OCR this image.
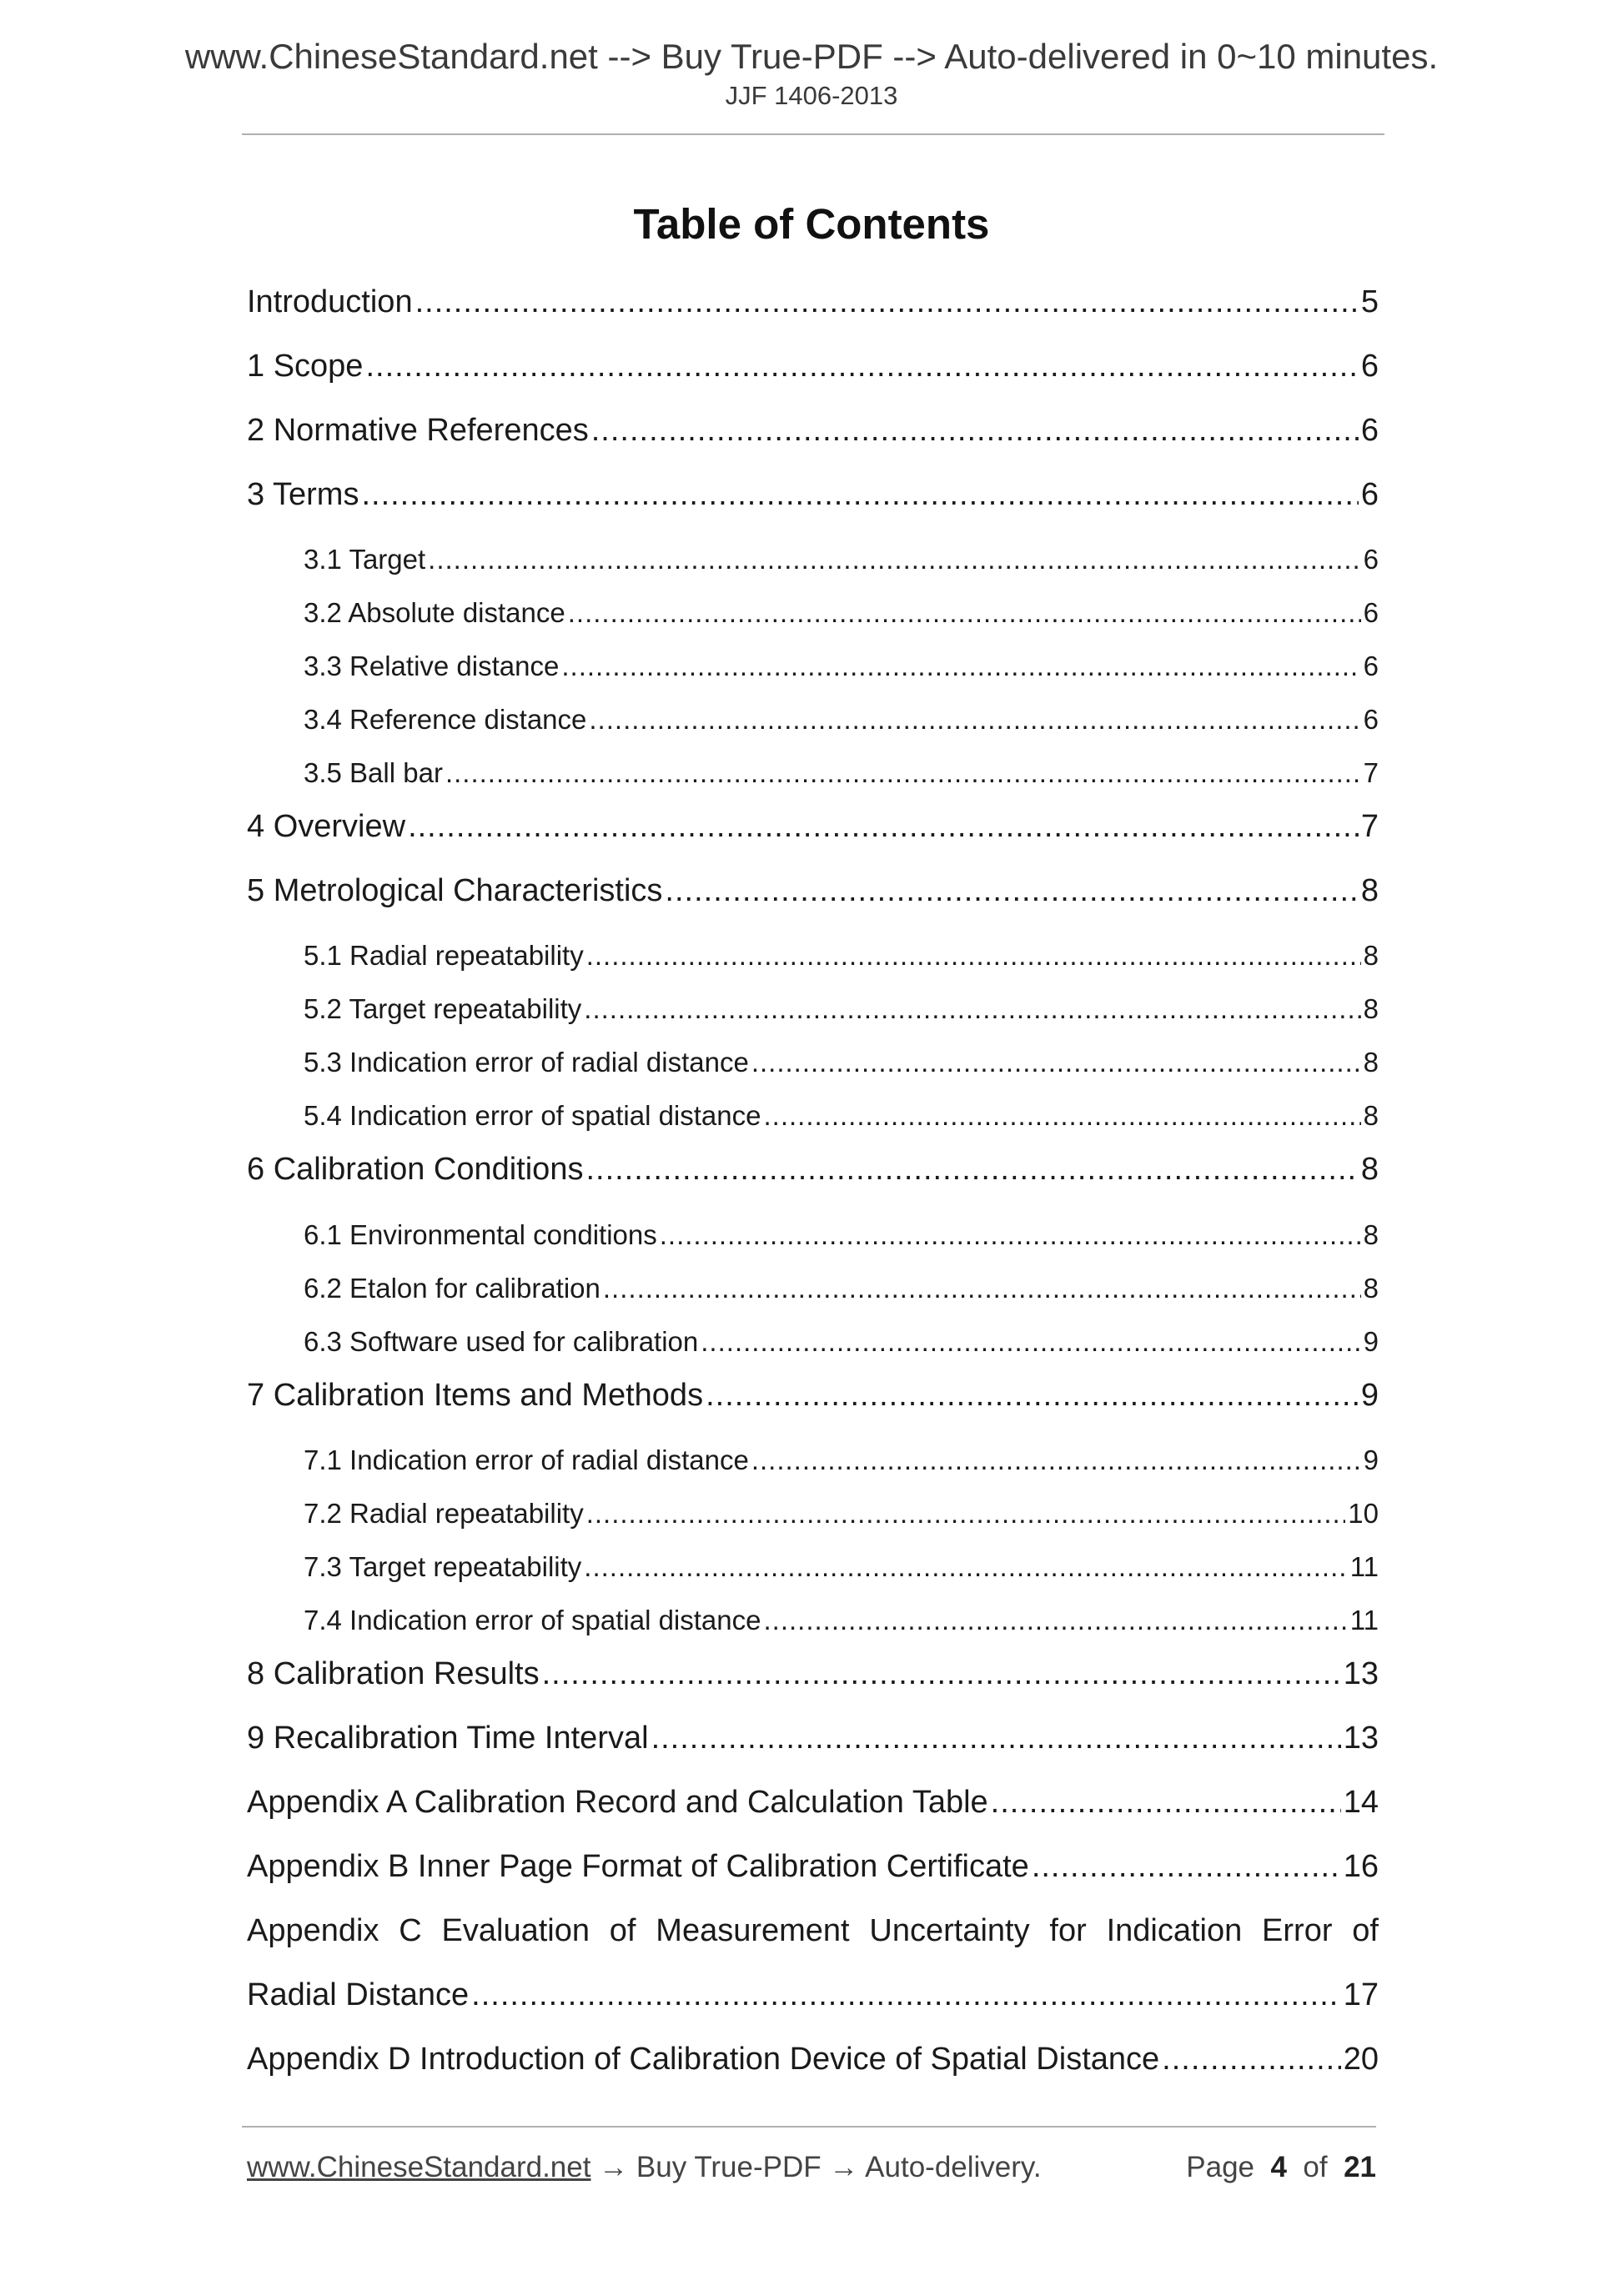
www.ChineseStandard.net --> Buy True-PDF --> Auto-delivered in 0~10 minutes.
JJF 1406-2013
Table of Contents
Introduction .....	5
1 Scope .....	6
2 Normative References .....	6
3 Terms .....	6
3.1 Target .....	6
3.2 Absolute distance .....	6
3.3 Relative distance .....	6
3.4 Reference distance .....	6
3.5 Ball bar .....	7
4 Overview .....	7
5 Metrological Characteristics .....	8
5.1 Radial repeatability .....	8
5.2 Target repeatability .....	8
5.3 Indication error of radial distance .....	8
5.4 Indication error of spatial distance .....	8
6 Calibration Conditions .....	8
6.1 Environmental conditions .....	8
6.2 Etalon for calibration .....	8
6.3 Software used for calibration .....	9
7 Calibration Items and Methods .....	9
7.1 Indication error of radial distance .....	9
7.2 Radial repeatability .....	10
7.3 Target repeatability .....	11
7.4 Indication error of spatial distance .....	11
8 Calibration Results .....	13
9 Recalibration Time Interval .....	13
Appendix A Calibration Record and Calculation Table .....	14
Appendix B Inner Page Format of Calibration Certificate .....	16
Appendix C Evaluation of Measurement Uncertainty for Indication Error of
Radial Distance .....	17
Appendix D Introduction of Calibration Device of Spatial Distance .....	20
www.ChineseStandard.net → Buy True-PDF → Auto-delivery.	Page 4 of 21
